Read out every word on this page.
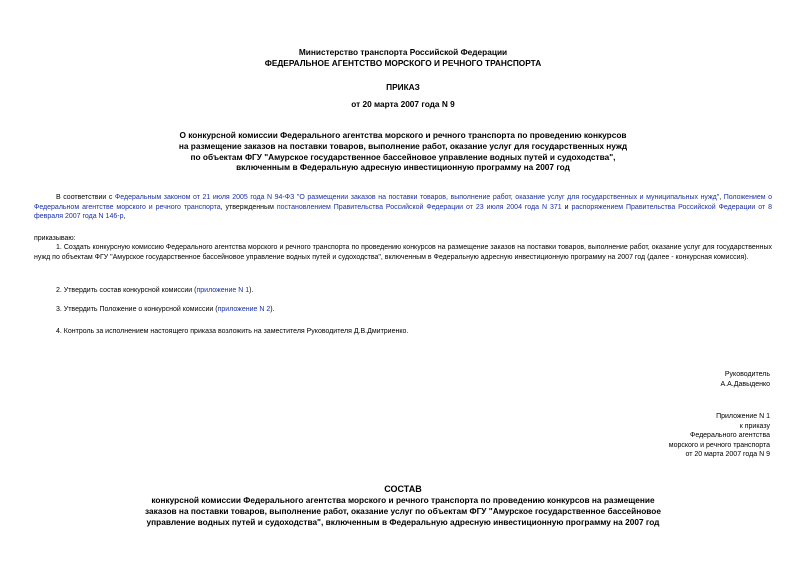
Министерство транспорта Российской Федерации
ФЕДЕРАЛЬНОЕ АГЕНТСТВО МОРСКОГО И РЕЧНОГО ТРАНСПОРТА
ПРИКАЗ
от 20 марта 2007 года N 9
О конкурсной комиссии Федерального агентства морского и речного транспорта по проведению конкурсов
на размещение заказов на поставки товаров, выполнение работ, оказание услуг для государственных нужд
по объектам ФГУ "Амурское государственное бассейновое управление водных путей и судоходства",
включенным в Федеральную адресную инвестиционную программу на 2007 год
В соответствии с Федеральным законом от 21 июля 2005 года N 94-ФЗ "О размещении заказов на поставки товаров, выполнение работ, оказание услуг для государственных и муниципальных нужд", Положением о Федеральном агентстве морского и речного транспорта, утвержденным постановлением Правительства Российской Федерации от 23 июля 2004 года N 371 и распоряжением Правительства Российской Федерации от 8 февраля 2007 года N 146-р,
приказываю:
1. Создать конкурсную комиссию Федерального агентства морского и речного транспорта по проведению конкурсов на размещение заказов на поставки товаров, выполнение работ, оказание услуг для государственных нужд по объектам ФГУ "Амурское государственное бассейновое управление водных путей и судоходства", включенным в Федеральную адресную инвестиционную программу на 2007 год (далее - конкурсная комиссия).
2. Утвердить состав конкурсной комиссии (приложение N 1).
3. Утвердить Положение о конкурсной комиссии (приложение N 2).
4. Контроль за исполнением настоящего приказа возложить на заместителя Руководителя Д.В.Дмитриенко.
Руководитель
А.А.Давыденко
Приложение N 1
к приказу
Федерального агентства
морского и речного транспорта
от 20 марта 2007 года N 9
СОСТАВ
конкурсной комиссии Федерального агентства морского и речного транспорта по проведению конкурсов на размещение
заказов на поставки товаров, выполнение работ, оказание услуг по объектам ФГУ "Амурское государственное бассейновое
управление водных путей и судоходства", включенным в Федеральную адресную инвестиционную программу на 2007 год
